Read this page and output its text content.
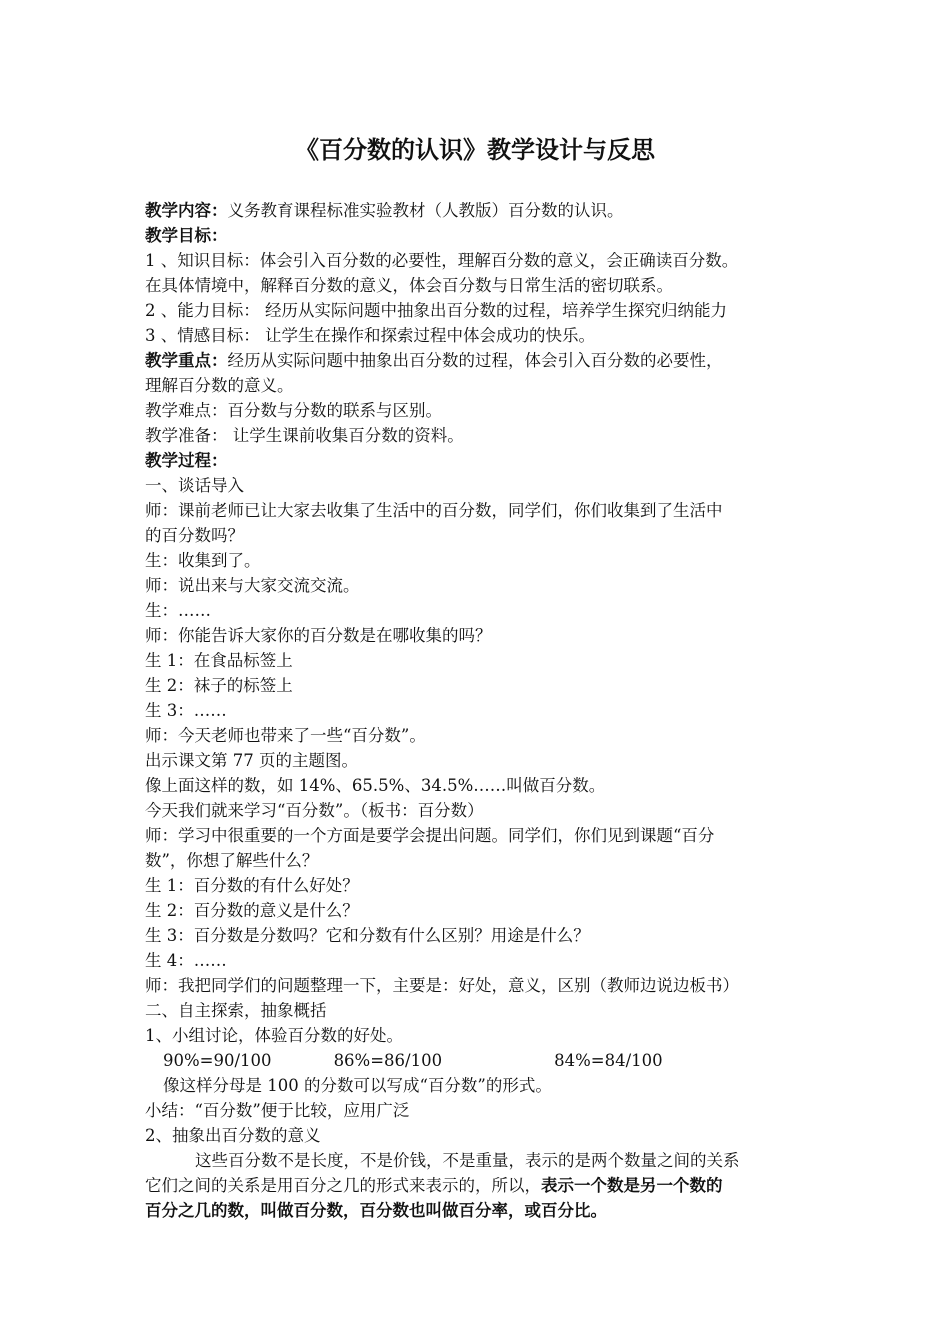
《百分数的认识》教学设计与反思

教学内容：义务教育课程标准实验教材（人教版）百分数的认识。

教学目标：

1 、知识目标：体会引入百分数的必要性，理解百分数的意义，会正确读百分数。

在具体情境中，解释百分数的意义，体会百分数与日常生活的密切联系。

2 、能力目标： 经历从实际问题中抽象出百分数的过程，培养学生探究归纳能力

3 、情感目标： 让学生在操作和探索过程中体会成功的快乐。

教学重点：经历从实际问题中抽象出百分数的过程，体会引入百分数的必要性，

理解百分数的意义。

教学难点：百分数与分数的联系与区别。

教学准备： 让学生课前收集百分数的资料。

教学过程：

一、谈话导入

师：课前老师已让大家去收集了生活中的百分数，同学们，你们收集到了生活中

的百分数吗？

生：收集到了。

师：说出来与大家交流交流。

生：……

师：你能告诉大家你的百分数是在哪收集的吗？

生 1：在食品标签上

生 2：袜子的标签上

生 3：……

师：今天老师也带来了一些“百分数”。

出示课文第 77 页的主题图。

像上面这样的数，如 14%、65.5%、34.5%……叫做百分数。

今天我们就来学习“百分数”。（板书：百分数）

师：学习中很重要的一个方面是要学会提出问题。同学们，你们见到课题“百分

数”，你想了解些什么？

生 1：百分数的有什么好处？

生 2：百分数的意义是什么？

生 3：百分数是分数吗？它和分数有什么区别？用途是什么？

生 4：……

师：我把同学们的问题整理一下，主要是：好处，意义，区别（教师边说边板书）

二、自主探索，抽象概括

1、小组讨论，体验百分数的好处。

90%=90/100	86%=86/100	84%=84/100

像这样分母是 100 的分数可以写成“百分数”的形式。

小结：“百分数”便于比较，应用广泛

2、抽象出百分数的意义

这些百分数不是长度，不是价钱，不是重量，表示的是两个数量之间的关系

它们之间的关系是用百分之几的形式来表示的，所以，表示一个数是另一个数的

百分之几的数，叫做百分数，百分数也叫做百分率，或百分比。
